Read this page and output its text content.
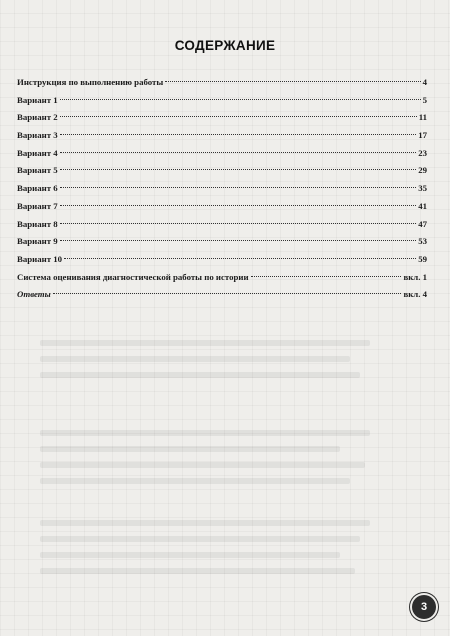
СОДЕРЖАНИЕ
Инструкция по выполнению работы	4
Вариант 1	5
Вариант 2	11
Вариант 3	17
Вариант 4	23
Вариант 5	29
Вариант 6	35
Вариант 7	41
Вариант 8	47
Вариант 9	53
Вариант 10	59
Система оценивания диагностической работы по истории	вкл. 1
Ответы	вкл. 4
3
